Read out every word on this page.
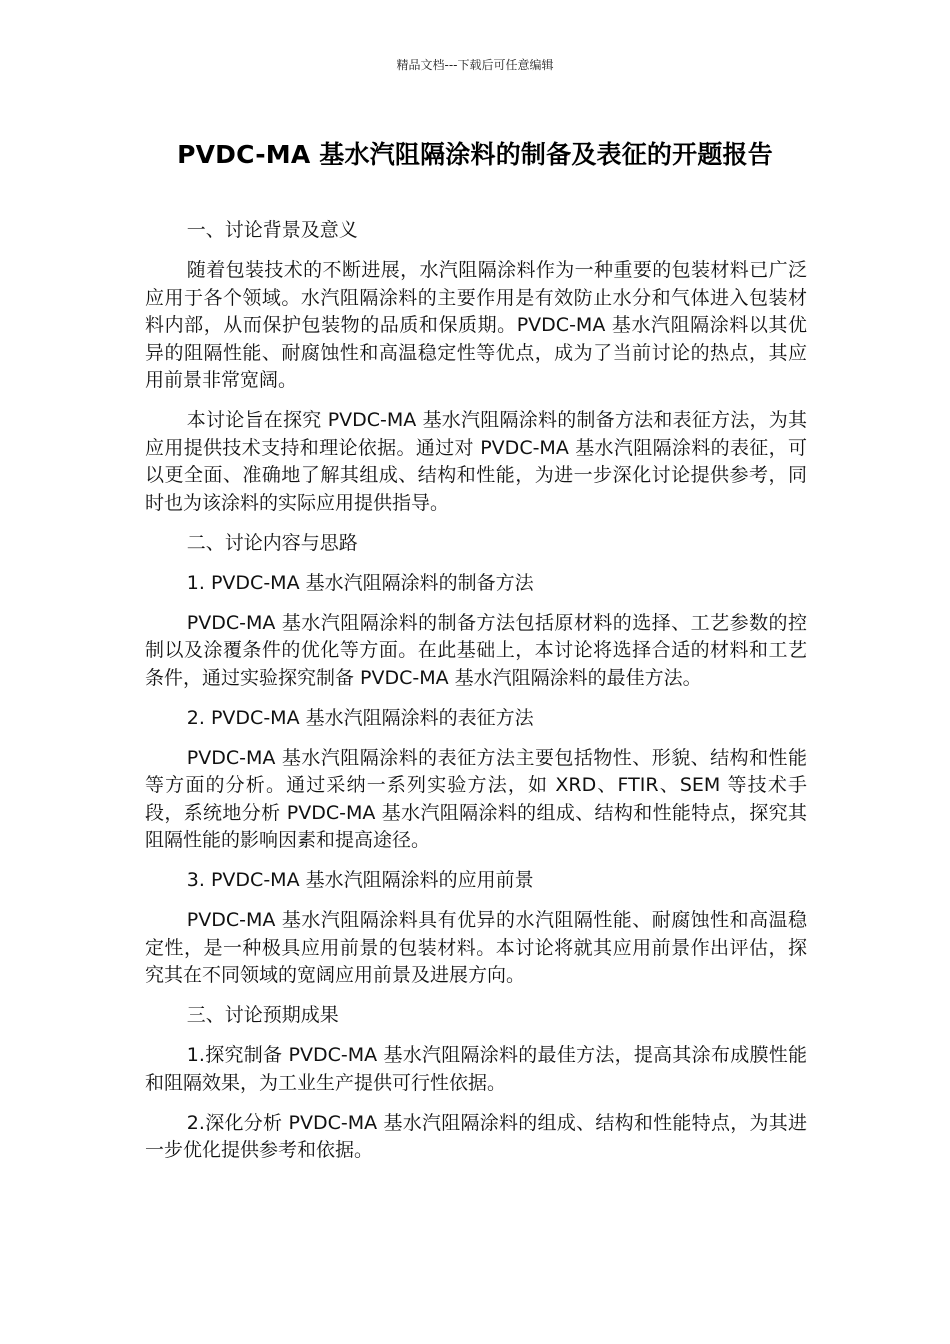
精品文档---下载后可任意编辑
PVDC-MA 基水汽阻隔涂料的制备及表征的开题报告

一、讨论背景及意义

随着包装技术的不断进展，水汽阻隔涂料作为一种重要的包装材料已广泛应用于各个领域。水汽阻隔涂料的主要作用是有效防止水分和气体进入包装材料内部，从而保护包装物的品质和保质期。PVDC-MA 基水汽阻隔涂料以其优异的阻隔性能、耐腐蚀性和高温稳定性等优点，成为了当前讨论的热点，其应用前景非常宽阔。

本讨论旨在探究 PVDC-MA 基水汽阻隔涂料的制备方法和表征方法，为其应用提供技术支持和理论依据。通过对 PVDC-MA 基水汽阻隔涂料的表征，可以更全面、准确地了解其组成、结构和性能，为进一步深化讨论提供参考，同时也为该涂料的实际应用提供指导。

二、讨论内容与思路

1. PVDC-MA 基水汽阻隔涂料的制备方法

PVDC-MA 基水汽阻隔涂料的制备方法包括原材料的选择、工艺参数的控制以及涂覆条件的优化等方面。在此基础上，本讨论将选择合适的材料和工艺条件，通过实验探究制备 PVDC-MA 基水汽阻隔涂料的最佳方法。

2. PVDC-MA 基水汽阻隔涂料的表征方法

PVDC-MA 基水汽阻隔涂料的表征方法主要包括物性、形貌、结构和性能等方面的分析。通过采纳一系列实验方法，如 XRD、FTIR、SEM 等技术手段，系统地分析 PVDC-MA 基水汽阻隔涂料的组成、结构和性能特点，探究其阻隔性能的影响因素和提高途径。

3. PVDC-MA 基水汽阻隔涂料的应用前景

PVDC-MA 基水汽阻隔涂料具有优异的水汽阻隔性能、耐腐蚀性和高温稳定性，是一种极具应用前景的包装材料。本讨论将就其应用前景作出评估，探究其在不同领域的宽阔应用前景及进展方向。

三、讨论预期成果

1.探究制备 PVDC-MA 基水汽阻隔涂料的最佳方法，提高其涂布成膜性能和阻隔效果，为工业生产提供可行性依据。

2.深化分析 PVDC-MA 基水汽阻隔涂料的组成、结构和性能特点，为其进一步优化提供参考和依据。
